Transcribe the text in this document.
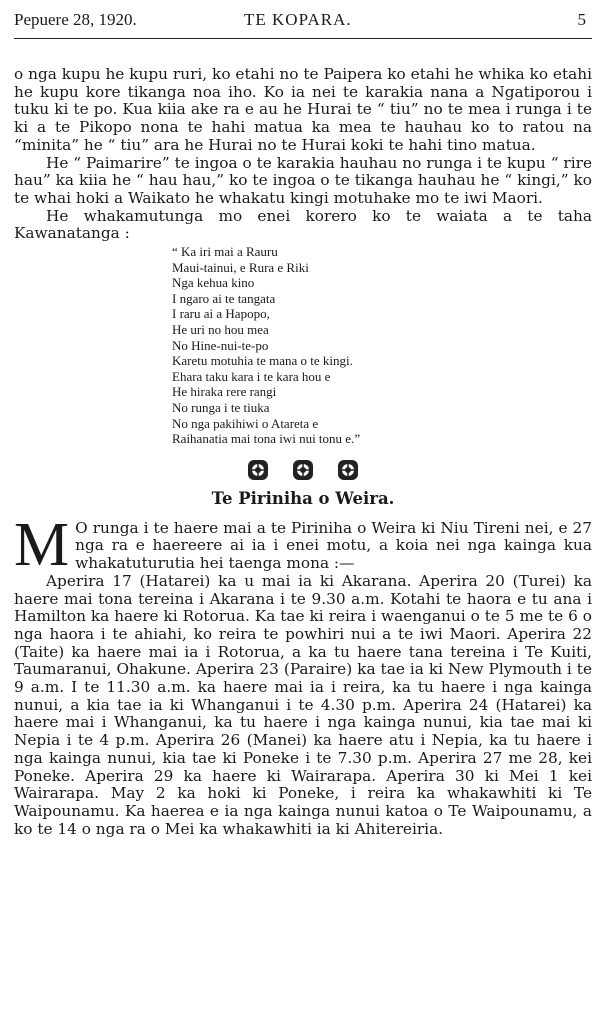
Pepuere 28, 1920.	TE KOPARA.	5

o nga kupu he kupu ruri, ko etahi no te Paipera ko etahi he whika ko etahi he kupu kore tikanga noa iho. Ko ia nei te karakia nana a Ngatiporou i tuku ki te po. Kua kiia ake ra e au he Hurai te “ tiu” no te mea i runga i te ki a te Pikopo nona te hahi matua ka mea te hauhau ko to ratou na “minita” he “ tiu” ara he Hurai no te Hurai koki te hahi tino matua.

He “ Paimarire” te ingoa o te karakia hauhau no runga i te kupu “ rire hau” ka kiia he “ hau hau,” ko te ingoa o te tikanga hauhau he “ kingi,” ko te whai hoki a Waikato he whakatu kingi motuhake mo te iwi Maori.

He whakamutunga mo enei korero ko te waiata a te taha Kawanatanga :

“ Ka iri mai a Rauru
Maui-tainui, e Rura e Riki
Nga kehua kino
I ngaro ai te tangata
I raru ai a Hapopo,
He uri no hou mea
No Hine-nui-te-po
Karetu motuhia te mana o te kingi.
Ehara taku kara i te kara hou e
He hiraka rere rangi
No runga i te tiuka
No nga pakihiwi o Atareta e
Raihanatia mai tona iwi nui tonu e.”

Te Piriniha o Weira.

M O runga i te haere mai a te Piriniha o Weira ki Niu Tireni nei, e 27 nga ra e haereere ai ia i enei motu, a koia nei nga kainga kua whakatuturutia hei taenga mona :—

Aperira 17 (Hatarei) ka u mai ia ki Akarana. Aperira 20 (Turei) ka haere mai tona tereina i Akarana i te 9.30 a.m. Kotahi te haora e tu ana i Hamilton ka haere ki Rotorua. Ka tae ki reira i waenganui o te 5 me te 6 o nga haora i te ahiahi, ko reira te powhiri nui a te iwi Maori. Aperira 22 (Taite) ka haere mai ia i Rotorua, a ka tu haere tana tereina i Te Kuiti, Taumaranui, Ohakune. Aperira 23 (Paraire) ka tae ia ki New Plymouth i te 9 a.m. I te 11.30 a.m. ka haere mai ia i reira, ka tu haere i nga kainga nunui, a kia tae ia ki Whanganui i te 4.30 p.m. Aperira 24 (Hatarei) ka haere mai i Whanganui, ka tu haere i nga kainga nunui, kia tae mai ki Nepia i te 4 p.m. Aperira 26 (Manei) ka haere atu i Nepia, ka tu haere i nga kainga nunui, kia tae ki Poneke i te 7.30 p.m. Aperira 27 me 28, kei Poneke. Aperira 29 ka haere ki Wairarapa. Aperira 30 ki Mei 1 kei Wairarapa. May 2 ka hoki ki Poneke, i reira ka whakawhiti ki Te Waipounamu. Ka haerea e ia nga kainga nunui katoa o Te Waipounamu, a ko te 14 o nga ra o Mei ka whakawhiti ia ki Ahitereiria.
